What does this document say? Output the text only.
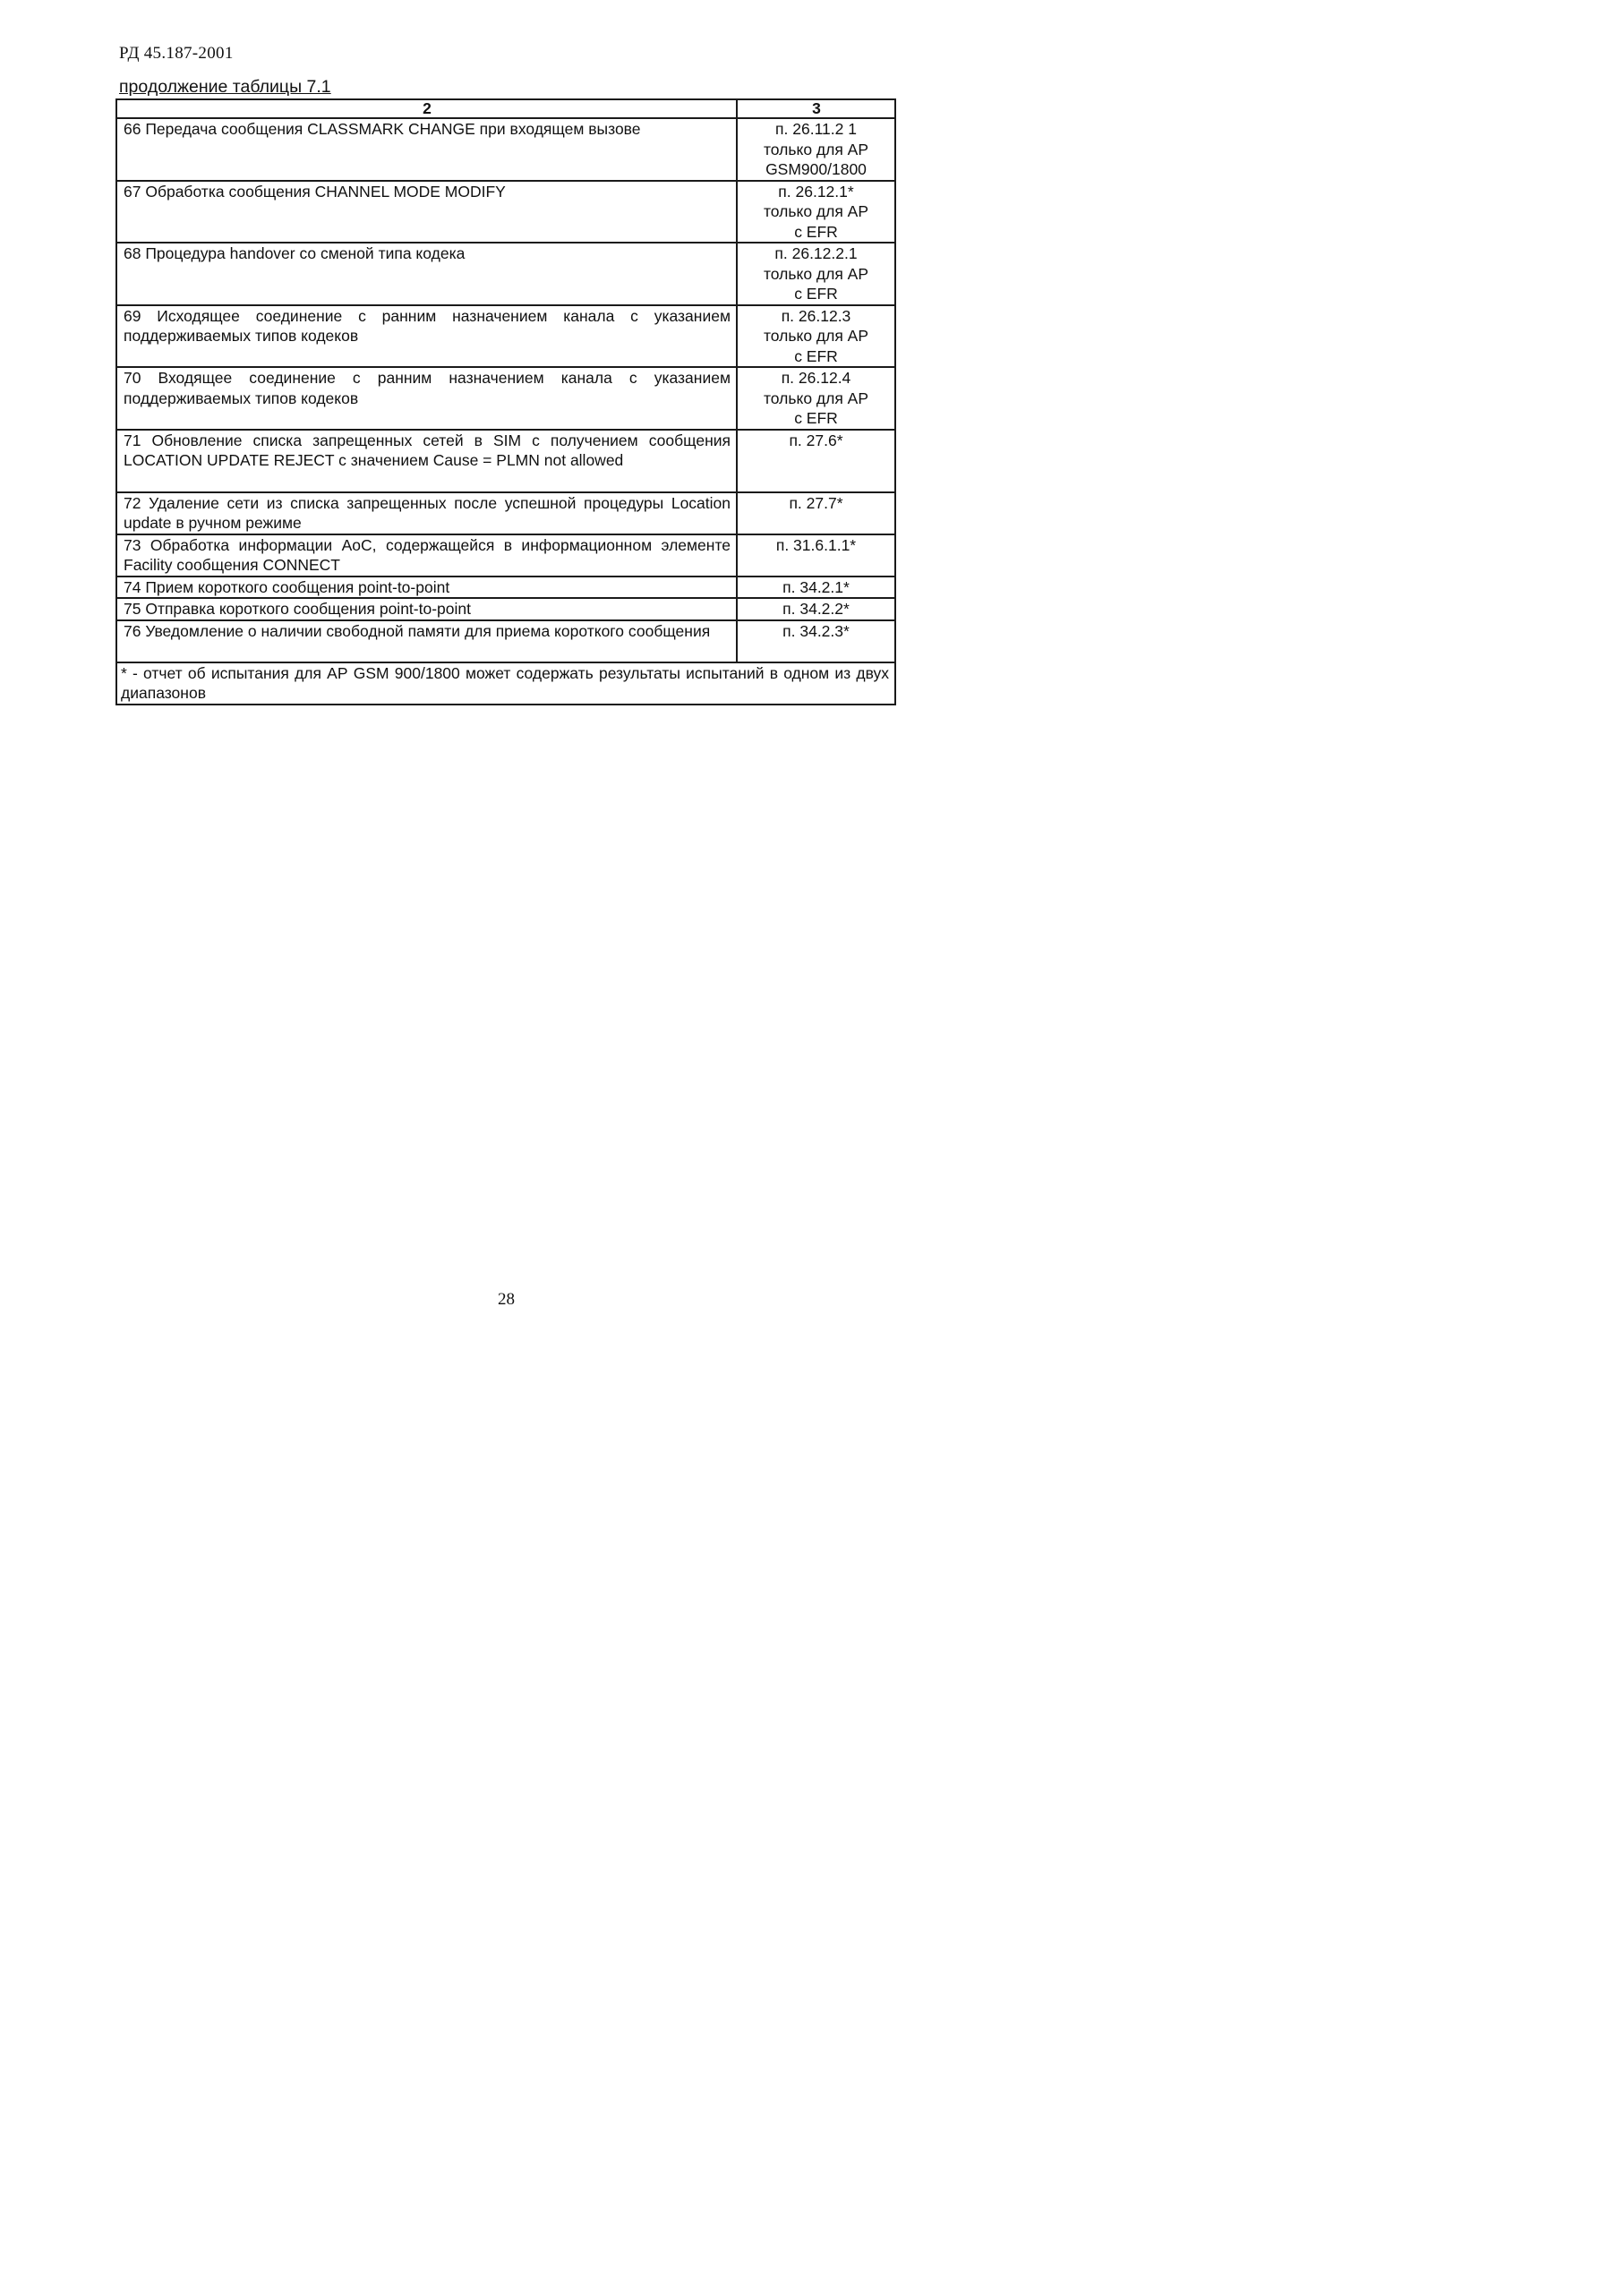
РД 45.187-2001
продолжение таблицы 7.1
2	3
66 Передача сообщения CLASSMARK CHANGE при входящем вызове	п. 26.11.2 1
только для АР
GSM900/1800
67 Обработка сообщения CHANNEL MODE MODIFY	п. 26.12.1*
только для АР
с EFR
68 Процедура handover со сменой типа кодека	п. 26.12.2.1
только для АР
с EFR
69 Исходящее соединение с ранним назначением канала с указанием поддерживаемых типов кодеков	п. 26.12.3
только для АР
с EFR
70 Входящее соединение с ранним назначением канала с указанием поддерживаемых типов кодеков	п. 26.12.4
только для АР
с EFR
71 Обновление списка запрещенных сетей в SIM с получением сообщения LOCATION UPDATE REJECT с значением Cause = PLMN not allowed	п. 27.6*
72 Удаление сети из списка запрещенных после успешной процедуры Location update в ручном режиме	п. 27.7*
73 Обработка информации AoC, содержащейся в информационном элементе Facility сообщения CONNECT	п. 31.6.1.1*
74 Прием короткого сообщения point-to-point	п. 34.2.1*
75 Отправка короткого сообщения point-to-point	п. 34.2.2*
76 Уведомление о наличии свободной памяти для приема короткого сообщения	п. 34.2.3*
* - отчет об испытания для АР GSM 900/1800 может содержать результаты испытаний в одном из двух диапазонов	
28
